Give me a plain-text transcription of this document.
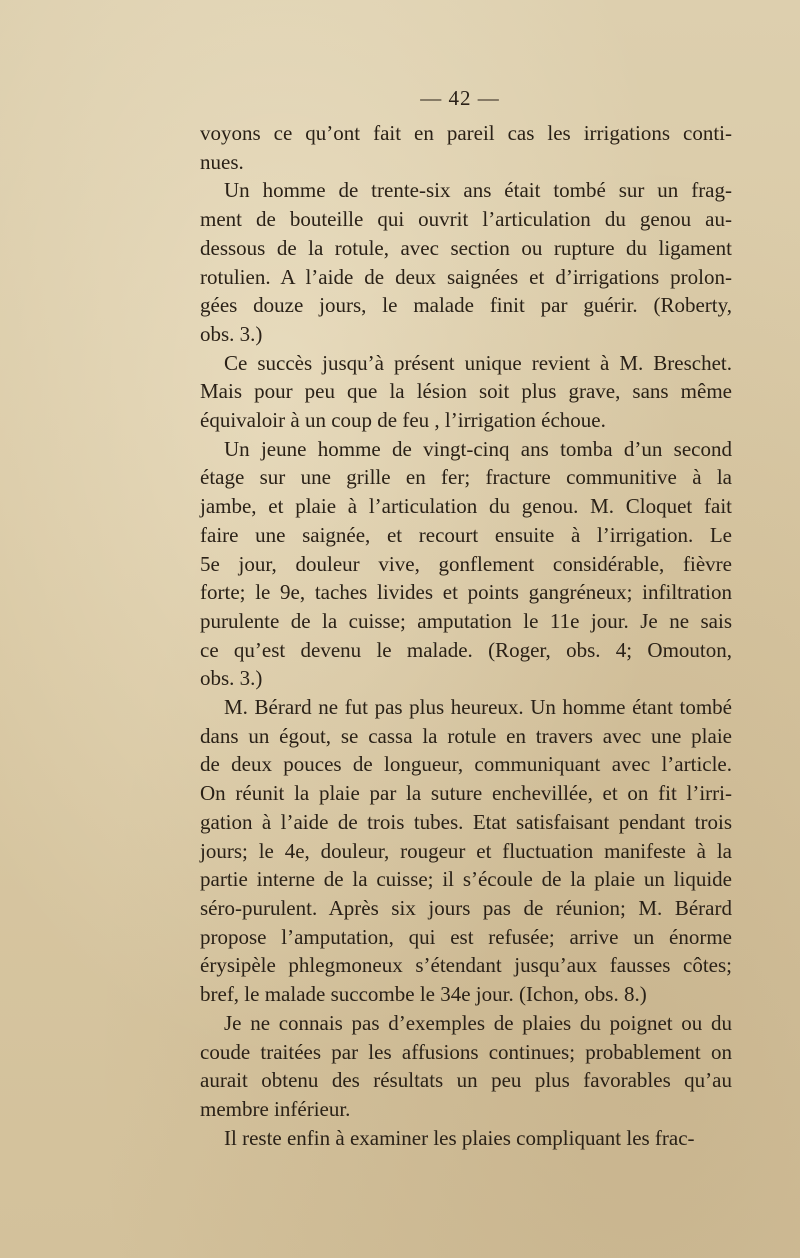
— 42 —

voyons ce qu’ont fait en pareil cas les irrigations conti-
nues.

Un homme de trente-six ans était tombé sur un frag-
ment de bouteille qui ouvrit l’articulation du genou au-
dessous de la rotule, avec section ou rupture du ligament
rotulien. A l’aide de deux saignées et d’irrigations prolon-
gées douze jours, le malade finit par guérir. (Roberty,
obs. 3.)

Ce succès jusqu’à présent unique revient à M. Breschet.
Mais pour peu que la lésion soit plus grave, sans même
équivaloir à un coup de feu , l’irrigation échoue.

Un jeune homme de vingt-cinq ans tomba d’un second
étage sur une grille en fer; fracture communitive à la
jambe, et plaie à l’articulation du genou. M. Cloquet fait
faire une saignée, et recourt ensuite à l’irrigation. Le
5e jour, douleur vive, gonflement considérable, fièvre
forte; le 9e, taches livides et points gangréneux; infiltration
purulente de la cuisse; amputation le 11e jour. Je ne sais
ce qu’est devenu le malade. (Roger, obs. 4; Omouton,
obs. 3.)

M. Bérard ne fut pas plus heureux. Un homme étant tombé
dans un égout, se cassa la rotule en travers avec une plaie
de deux pouces de longueur, communiquant avec l’article.
On réunit la plaie par la suture enchevillée, et on fit l’irri-
gation à l’aide de trois tubes. Etat satisfaisant pendant trois
jours; le 4e, douleur, rougeur et fluctuation manifeste à la
partie interne de la cuisse; il s’écoule de la plaie un liquide
séro-purulent. Après six jours pas de réunion; M. Bérard
propose l’amputation, qui est refusée; arrive un énorme
érysipèle phlegmoneux s’étendant jusqu’aux fausses côtes;
bref, le malade succombe le 34e jour. (Ichon, obs. 8.)

Je ne connais pas d’exemples de plaies du poignet ou du
coude traitées par les affusions continues; probablement on
aurait obtenu des résultats un peu plus favorables qu’au
membre inférieur.

Il reste enfin à examiner les plaies compliquant les frac-
